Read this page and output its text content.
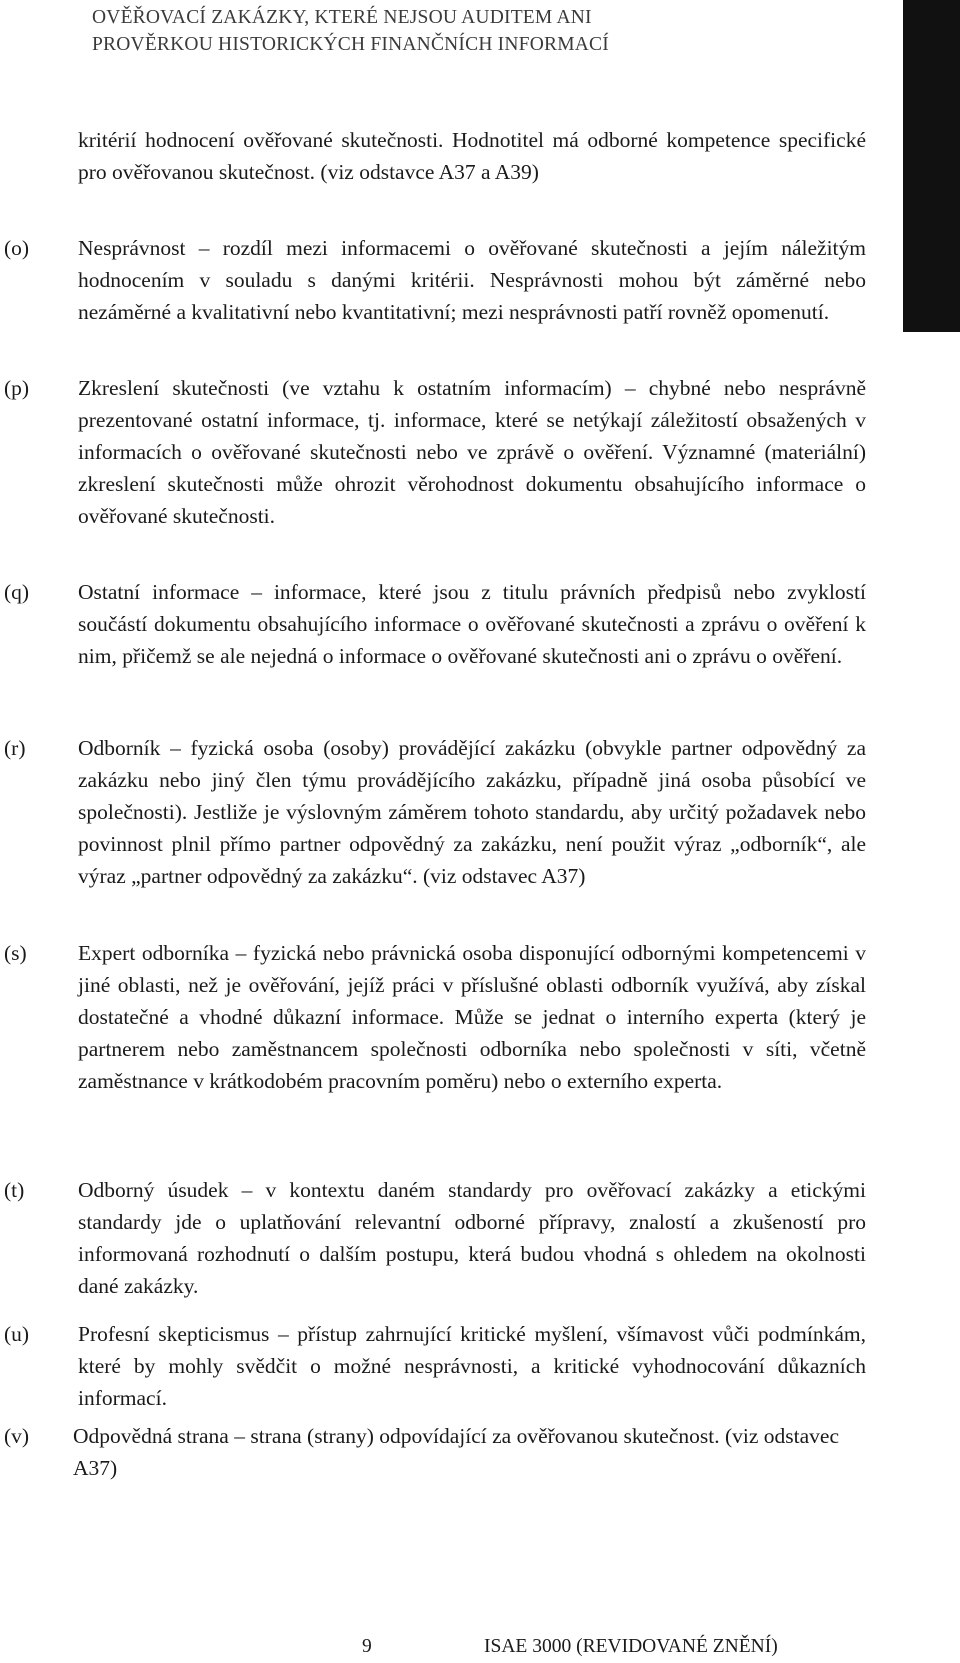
OVĚŘOVACÍ ZAKÁZKY, KTERÉ NEJSOU AUDITEM ANI
PROVĚRKOU HISTORICKÝCH FINANČNÍCH INFORMACÍ
kritérií hodnocení ověřované skutečnosti. Hodnotitel má odborné kompetence specifické pro ověřovanou skutečnost. (viz odstavce A37 a A39)
(o) Nesprávnost – rozdíl mezi informacemi o ověřované skutečnosti a jejím náležitým hodnocením v souladu s danými kritérii. Nesprávnosti mohou být záměrné nebo nezáměrné a kvalitativní nebo kvantitativní; mezi nesprávnosti patří rovněž opomenutí.
(p) Zkreslení skutečnosti (ve vztahu k ostatním informacím) – chybné nebo nesprávně prezentované ostatní informace, tj. informace, které se netýkají záležitostí obsažených v informacích o ověřované skutečnosti nebo ve zprávě o ověření. Významné (materiální) zkreslení skutečnosti může ohrozit věrohodnost dokumentu obsahujícího informace o ověřované skutečnosti.
(q) Ostatní informace – informace, které jsou z titulu právních předpisů nebo zvyklostí součástí dokumentu obsahujícího informace o ověřované skutečnosti a zprávu o ověření k nim, přičemž se ale nejedná o informace o ověřované skutečnosti ani o zprávu o ověření.
(r) Odborník – fyzická osoba (osoby) provádějící zakázku (obvykle partner odpovědný za zakázku nebo jiný člen týmu provádějícího zakázku, případně jiná osoba působící ve společnosti). Jestliže je výslovným záměrem tohoto standardu, aby určitý požadavek nebo povinnost plnil přímo partner odpovědný za zakázku, není použit výraz „odborník“, ale výraz „partner odpovědný za zakázku“. (viz odstavec A37)
(s) Expert odborníka – fyzická nebo právnická osoba disponující odbornými kompetencemi v jiné oblasti, než je ověřování, jejíž práci v příslušné oblasti odborník využívá, aby získal dostatečné a vhodné důkazní informace. Může se jednat o interního experta (který je partnerem nebo zaměstnancem společnosti odborníka nebo společnosti v síti, včetně zaměstnance v krátkodobém pracovním poměru) nebo o externího experta.
(t) Odborný úsudek – v kontextu daném standardy pro ověřovací zakázky a etickými standardy jde o uplatňování relevantní odborné přípravy, znalostí a zkušeností pro informovaná rozhodnutí o dalším postupu, která budou vhodná s ohledem na okolnosti dané zakázky.
(u) Profesní skepticismus – přístup zahrnující kritické myšlení, všímavost vůči podmínkám, které by mohly svědčit o možné nesprávnosti, a kritické vyhodnocování důkazních informací.
(v) Odpovědná strana – strana (strany) odpovídající za ověřovanou skutečnost. (viz odstavec A37)
9	ISAE 3000 (REVIDOVANÉ ZNĚNÍ)
